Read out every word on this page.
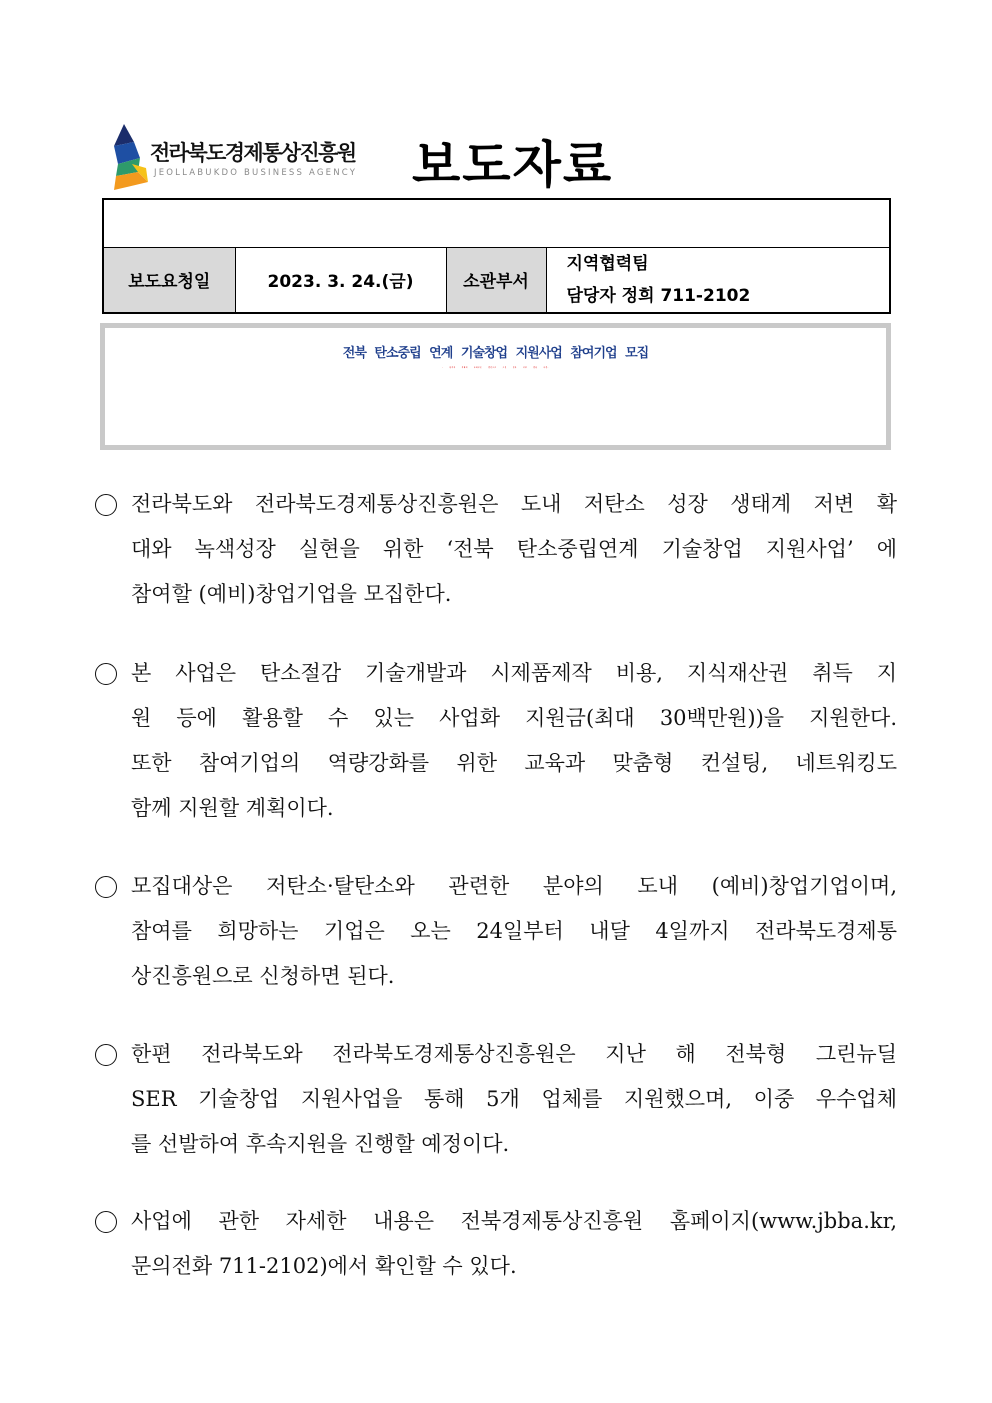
전라북도경제통상진흥원
JEOLLABUKDO BUSINESS AGENCY 보도자료

보도요청일	2023. 3. 24.(금)	소관부서	
지역협력팀
담당자 정희 711-2102
전북 탄소중립 연계 기술창업 지원사업 참여기업 모집
- 환경과 경제의 조화로운 발전으로 그린 전북 성장 발판 마련-
전라북도와 전라북도경제통상진흥원은 도내 저탄소 성장 생태계 저변 확
대와 녹색성장 실현을 위한 ‘전북 탄소중립연계 기술창업 지원사업’ 에
참여할 (예비)창업기업을 모집한다.
본 사업은 탄소절감 기술개발과 시제품제작 비용, 지식재산권 취득 지
원 등에 활용할 수 있는 사업화 지원금(최대 30백만원))을 지원한다.
또한 참여기업의 역량강화를 위한 교육과 맞춤형 컨설팅, 네트워킹도
함께 지원할 계획이다.
모집대상은 저탄소·탈탄소와 관련한 분야의 도내 (예비)창업기업이며,
참여를 희망하는 기업은 오는 24일부터 내달 4일까지 전라북도경제통
상진흥원으로 신청하면 된다.
한편 전라북도와 전라북도경제통상진흥원은 지난 해 전북형 그린뉴딜
SER 기술창업 지원사업을 통해 5개 업체를 지원했으며, 이중 우수업체
를 선발하여 후속지원을 진행할 예정이다.
사업에 관한 자세한 내용은 전북경제통상진흥원 홈페이지(www.jbba.kr,
문의전화 711-2102)에서 확인할 수 있다.
